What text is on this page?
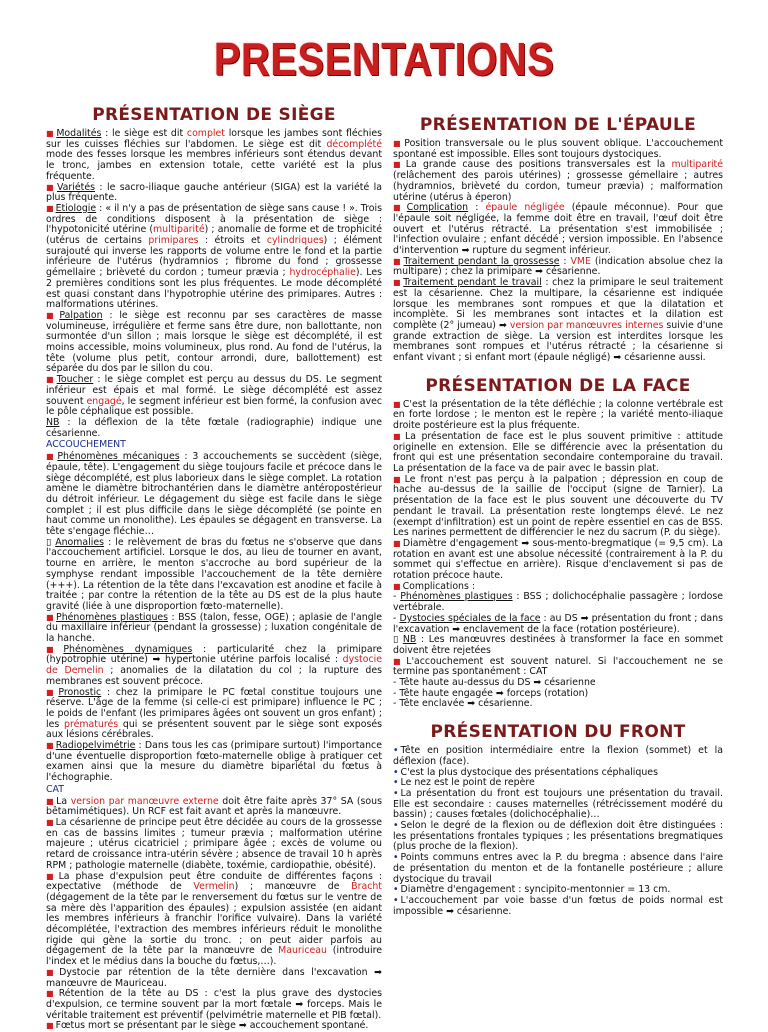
PRESENTATIONS
PRÉSENTATION DE SIÈGE

■ Modalités : le siège est dit complet lorsque les jambes sont fléchies sur les cuisses fléchies sur l'abdomen. Le siège est dit décomplété mode des fesses lorsque les membres inférieurs sont étendus devant le tronc, jambes en extension totale, cette variété est la plus fréquente.

■ Variétés : le sacro-iliaque gauche antérieur (SIGA) est la variété la plus fréquente.

■ Etiologie : « il n'y a pas de présentation de siège sans cause ! ». Trois ordres de conditions disposent à la présentation de siège : l'hypotonicité utérine (multiparité) ; anomalie de forme et de trophicité (utérus de certains primipares : étroits et cylindriques) ; élément surajouté qui inverse les rapports de volume entre le fond et la partie inférieure de l'utérus (hydramnios ; fibrome du fond ; grossesse gémellaire ; brièveté du cordon ; tumeur prævia ; hydrocéphalie). Les 2 premières conditions sont les plus fréquentes. Le mode décomplété est quasi constant dans l'hypotrophie utérine des primipares. Autres : malformations utérines.

■ Palpation : le siège est reconnu par ses caractères de masse volumineuse, irrégulière et ferme sans être dure, non ballottante, non surmontée d'un sillon ; mais lorsque le siège est décomplété, il est moins accessible, moins volumineux, plus rond. Au fond de l'utérus, la tête (volume plus petit, contour arrondi, dure, ballottement) est séparée du dos par le sillon du cou.

■ Toucher : le siège complet est perçu au dessus du DS. Le segment inférieur est épais et mal formé. Le siège décomplété est assez souvent engagé, le segment inférieur est bien formé, la confusion avec le pôle céphalique est possible.

NB : la déflexion de la tête fœtale (radiographie) indique une césarienne.

ACCOUCHEMENT

■ Phénomènes mécaniques : 3 accouchements se succèdent (siège, épaule, tête). L'engagement du siège toujours facile et précoce dans le siège décomplété, est plus laborieux dans le siège complet. La rotation amène le diamètre bitrochantérien dans le diamètre antéropostérieur du détroit inférieur. Le dégagement du siège est facile dans le siège complet ; il est plus difficile dans le siège décomplété (se pointe en haut comme un monolithe). Les épaules se dégagent en transverse. La tête s'engage fléchie…

▯ Anomalies : le relèvement de bras du fœtus ne s'observe que dans l'accouchement artificiel. Lorsque le dos, au lieu de tourner en avant, tourne en arrière, le menton s'accroche au bord supérieur de la symphyse rendant impossible l'accouchement de la tête dernière (+++). La rétention de la tête dans l'excavation est anodine et facile à traitée ; par contre la rétention de la tête au DS est de la plus haute gravité (liée à une disproportion fœto-maternelle).

■ Phénomènes plastiques : BSS (talon, fesse, OGE) ; aplasie de l'angle du maxillaire inférieur (pendant la grossesse) ; luxation congénitale de la hanche.

■ Phénomènes dynamiques : particularité chez la primipare (hypotrophie utérine) ➡ hypertonie utérine parfois localisé : dystocie de Demelin ; anomalies de la dilatation du col ; la rupture des membranes est souvent précoce.

■ Pronostic : chez la primipare le PC fœtal constitue toujours une réserve. L'âge de la femme (si celle-ci est primipare) influence le PC ; le poids de l'enfant (les primipares âgées ont souvent un gros enfant) ; les prématurés qui se présentent souvent par le siège sont exposés aux lésions cérébrales.

■ Radiopelvimétrie : Dans tous les cas (primipare surtout) l'importance d'une éventuelle disproportion fœto-maternelle oblige à pratiquer cet examen ainsi que la mesure du diamètre bipariétal du fœtus à l'échographie.

CAT

■ La version par manœuvre externe doit être faite après 37° SA (sous bêtamimétiques). Un RCF est fait avant et après la manœuvre.

■ La césarienne de principe peut être décidée au cours de la grossesse en cas de bassins limites ; tumeur prævia ; malformation utérine majeure ; utérus cicatriciel ; primipare âgée ; excès de volume ou retard de croissance intra-utérin sévère ; absence de travail 10 h après RPM ; pathologie maternelle (diabète, toxémie, cardiopathie, obésité).

■ La phase d'expulsion peut être conduite de différentes façons : expectative (méthode de Vermelin) ; manœuvre de Bracht (dégagement de la tête par le renversement du fœtus sur le ventre de sa mère dès l'apparition des épaules) ; expulsion assistée (en aidant les membres inférieurs à franchir l'orifice vulvaire). Dans la variété décomplétée, l'extraction des membres inférieurs réduit le monolithe rigide qui gène la sortie du tronc. ; on peut aider parfois au dégagement de la tête par la manœuvre de Mauriceau (introduire l'index et le médius dans la bouche du fœtus,…).

■ Dystocie par rétention de la tête dernière dans l'excavation ➡ manœuvre de Mauriceau.

■ Rétention de la tête au DS : c'est la plus grave des dystocies d'expulsion, ce termine souvent par la mort fœtale ➡ forceps. Mais le véritable traitement est préventif (pelvimétrie maternelle et PIB fœtal).

■ Fœtus mort se présentant par le siège ➡ accouchement spontané.

PRÉSENTATION DE L'ÉPAULE

■ Position transversale ou le plus souvent oblique. L'accouchement spontané est impossible. Elles sont toujours dystociques.

■ La grande cause des positions transversales est la multiparité (relâchement des parois utérines) ; grossesse gémellaire ; autres (hydramnios, brièveté du cordon, tumeur prævia) ; malformation utérine (utérus à éperon)

■ Complication : épaule négligée (épaule méconnue). Pour que l'épaule soit négligée, la femme doit être en travail, l'œuf doit être ouvert et l'utérus rétracté. La présentation s'est immobilisée ; l'infection ovulaire ; enfant décédé ; version impossible. En l'absence d'intervention ➡ rupture du segment inférieur.

■ Traitement pendant la grossesse : VME (indication absolue chez la multipare) ; chez la primipare ➡ césarienne.

■ Traitement pendant le travail : chez la primipare le seul traitement est la césarienne. Chez la multipare, la césarienne est indiquée lorsque les membranes sont rompues et que la dilatation et incomplète. Si les membranes sont intactes et la dilation est complète (2° jumeau) ➡ version par manœuvres internes suivie d'une grande extraction de siège. La version est interdites lorsque les membranes sont rompues et l'utérus rétracté ; la césarienne si enfant vivant ; si enfant mort (épaule négligé) ➡ césarienne aussi.

PRÉSENTATION DE LA FACE

■ C'est la présentation de la tête défléchie ; la colonne vertébrale est en forte lordose ; le menton est le repère ; la variété mento-iliaque droite postérieure est la plus fréquente.

■ La présentation de face est le plus souvent primitive : attitude originelle en extension. Elle se différencie avec la présentation du front qui est une présentation secondaire contemporaine du travail. La présentation de la face va de pair avec le bassin plat.

■ Le front n'est pas perçu à la palpation ; dépression en coup de hache au-dessus de la saillie de l'occiput (signe de Tarnier). La présentation de la face est le plus souvent une découverte du TV pendant le travail. La présentation reste longtemps élevé. Le nez (exempt d'infiltration) est un point de repère essentiel en cas de BSS. Les narines permettent de différencier le nez du sacrum (P. du siège).

■ Diamètre d'engagement ➡ sous-mento-bregmatique (= 9,5 cm). La rotation en avant est une absolue nécessité (contrairement à la P. du sommet qui s'effectue en arrière). Risque d'enclavement si pas de rotation précoce haute.

■ Complications :

- Phénomènes plastiques : BSS ; dolichocéphalie passagère ; lordose vertébrale.

- Dystocies spéciales de la face : au DS ➡ présentation du front ; dans l'excavation ➡ enclavement de la face (rotation postérieure).

▯ NB : Les manœuvres destinées à transformer la face en sommet doivent être rejetées

■ L'accouchement est souvent naturel. Si l'accouchement ne se termine pas spontanément : CAT

- Tête haute au-dessus du DS ➡ césarienne

- Tête haute engagée ➡ forceps (rotation)

- Tête enclavée ➡ césarienne.

PRÉSENTATION DU FRONT

• Tête en position intermédiaire entre la flexion (sommet) et la déflexion (face).

• C'est la plus dystocique des présentations céphaliques

• Le nez est le point de repère

• La présentation du front est toujours une présentation du travail. Elle est secondaire : causes maternelles (rétrécissement modéré du bassin) ; causes fœtales (dolichocéphalie)…

• Selon le degré de la flexion ou de déflexion doit être distinguées : les présentations frontales typiques ; les présentations bregmatiques (plus proche de la flexion).

• Points communs entres avec la P. du bregma : absence dans l'aire de présentation du menton et de la fontanelle postérieure ; allure dystocique du travail

• Diamètre d'engagement : syncipito-mentonnier = 13 cm.

• L'accouchement par voie basse d'un fœtus de poids normal est impossible ➡ césarienne.
